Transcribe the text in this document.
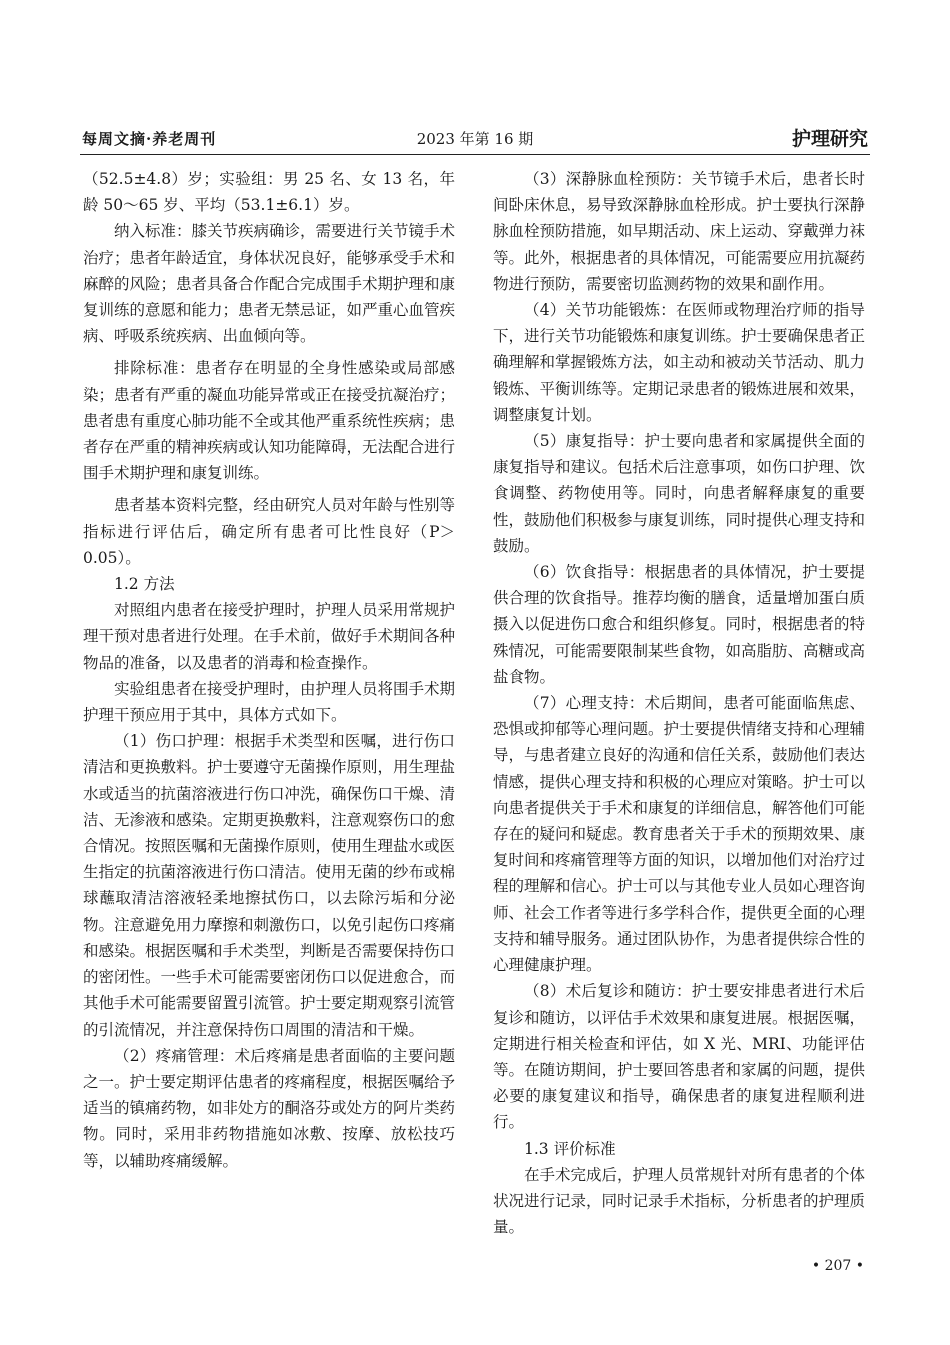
每周文摘·养老周刊	2023 年第 16 期	护理研究

（52.5±4.8）岁；实验组：男 25 名、女 13 名，年龄 50～65 岁、平均（53.1±6.1）岁。

纳入标准：膝关节疾病确诊，需要进行关节镜手术治疗；患者年龄适宜，身体状况良好，能够承受手术和麻醉的风险；患者具备合作配合完成围手术期护理和康复训练的意愿和能力；患者无禁忌证，如严重心血管疾病、呼吸系统疾病、出血倾向等。

排除标准：患者存在明显的全身性感染或局部感染；患者有严重的凝血功能异常或正在接受抗凝治疗；患者患有重度心肺功能不全或其他严重系统性疾病；患者存在严重的精神疾病或认知功能障碍，无法配合进行围手术期护理和康复训练。

患者基本资料完整，经由研究人员对年龄与性别等指标进行评估后，确定所有患者可比性良好（P＞0.05）。

1.2 方法

对照组内患者在接受护理时，护理人员采用常规护理干预对患者进行处理。在手术前，做好手术期间各种物品的准备，以及患者的消毒和检查操作。

实验组患者在接受护理时，由护理人员将围手术期护理干预应用于其中，具体方式如下。

（1）伤口护理：根据手术类型和医嘱，进行伤口清洁和更换敷料。护士要遵守无菌操作原则，用生理盐水或适当的抗菌溶液进行伤口冲洗，确保伤口干燥、清洁、无渗液和感染。定期更换敷料，注意观察伤口的愈合情况。按照医嘱和无菌操作原则，使用生理盐水或医生指定的抗菌溶液进行伤口清洁。使用无菌的纱布或棉球蘸取清洁溶液轻柔地擦拭伤口，以去除污垢和分泌物。注意避免用力摩擦和刺激伤口，以免引起伤口疼痛和感染。根据医嘱和手术类型，判断是否需要保持伤口的密闭性。一些手术可能需要密闭伤口以促进愈合，而其他手术可能需要留置引流管。护士要定期观察引流管的引流情况，并注意保持伤口周围的清洁和干燥。

（2）疼痛管理：术后疼痛是患者面临的主要问题之一。护士要定期评估患者的疼痛程度，根据医嘱给予适当的镇痛药物，如非处方的酮洛芬或处方的阿片类药物。同时，采用非药物措施如冰敷、按摩、放松技巧等，以辅助疼痛缓解。

（3）深静脉血栓预防：关节镜手术后，患者长时间卧床休息，易导致深静脉血栓形成。护士要执行深静脉血栓预防措施，如早期活动、床上运动、穿戴弹力袜等。此外，根据患者的具体情况，可能需要应用抗凝药物进行预防，需要密切监测药物的效果和副作用。

（4）关节功能锻炼：在医师或物理治疗师的指导下，进行关节功能锻炼和康复训练。护士要确保患者正确理解和掌握锻炼方法，如主动和被动关节活动、肌力锻炼、平衡训练等。定期记录患者的锻炼进展和效果，调整康复计划。

（5）康复指导：护士要向患者和家属提供全面的康复指导和建议。包括术后注意事项，如伤口护理、饮食调整、药物使用等。同时，向患者解释康复的重要性，鼓励他们积极参与康复训练，同时提供心理支持和鼓励。

（6）饮食指导：根据患者的具体情况，护士要提供合理的饮食指导。推荐均衡的膳食，适量增加蛋白质摄入以促进伤口愈合和组织修复。同时，根据患者的特殊情况，可能需要限制某些食物，如高脂肪、高糖或高盐食物。

（7）心理支持：术后期间，患者可能面临焦虑、恐惧或抑郁等心理问题。护士要提供情绪支持和心理辅导，与患者建立良好的沟通和信任关系，鼓励他们表达情感，提供心理支持和积极的心理应对策略。护士可以向患者提供关于手术和康复的详细信息，解答他们可能存在的疑问和疑虑。教育患者关于手术的预期效果、康复时间和疼痛管理等方面的知识，以增加他们对治疗过程的理解和信心。护士可以与其他专业人员如心理咨询师、社会工作者等进行多学科合作，提供更全面的心理支持和辅导服务。通过团队协作，为患者提供综合性的心理健康护理。

（8）术后复诊和随访：护士要安排患者进行术后复诊和随访，以评估手术效果和康复进展。根据医嘱，定期进行相关检查和评估，如 X 光、MRI、功能评估等。在随访期间，护士要回答患者和家属的问题，提供必要的康复建议和指导，确保患者的康复进程顺利进行。

1.3 评价标准

在手术完成后，护理人员常规针对所有患者的个体状况进行记录，同时记录手术指标，分析患者的护理质量。

• 207 •
